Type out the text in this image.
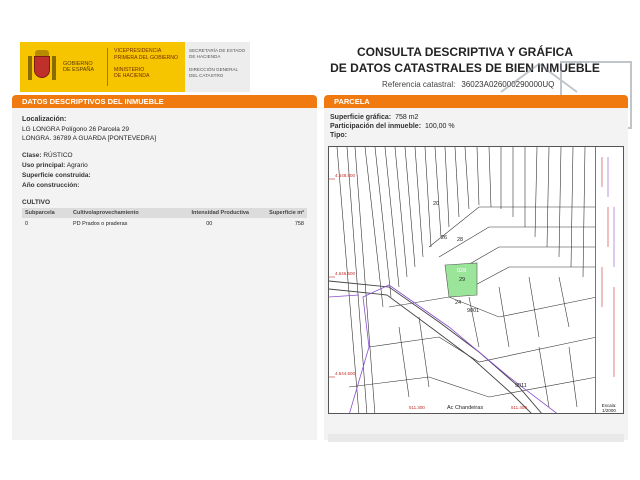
GOBIERNO
DE ESPAÑA

VICEPRESIDENCIA
PRIMERA DEL GOBIERNO

MINISTERIO
DE HACIENDA

SECRETARÍA DE ESTADO
DE HACIENDA

DIRECCIÓN GENERAL
DEL CATASTRO

CONSULTA DESCRIPTIVA Y GRÁFICA
DE DATOS CATASTRALES DE BIEN INMUEBLE
Referencia catastral: 36023A026000290000UQ
DATOS DESCRIPTIVOS DEL INMUEBLE
Localización:
LG LONGRA Polígono 26 Parcela 29
LONGRA. 36789 A GUARDA [PONTEVEDRA]
Clase: RÚSTICO
Uso principal: Agrario
Superficie construida:
Año construcción:
CULTIVO
Subparcela	Cultivo/aprovechamiento	Intensidad Productiva	Superficie m²
0	PD Prados o praderas	00	758
PARCELA
Superficie gráfica: 758 m2
Participación del inmueble: 100,00 %
Tipo:
20
26 28
028
29
24
9001
9011
Ac Chandeiras
4.648.500
4.646.500
4.644.500
511.300	511.400	Escala:
1/2000
